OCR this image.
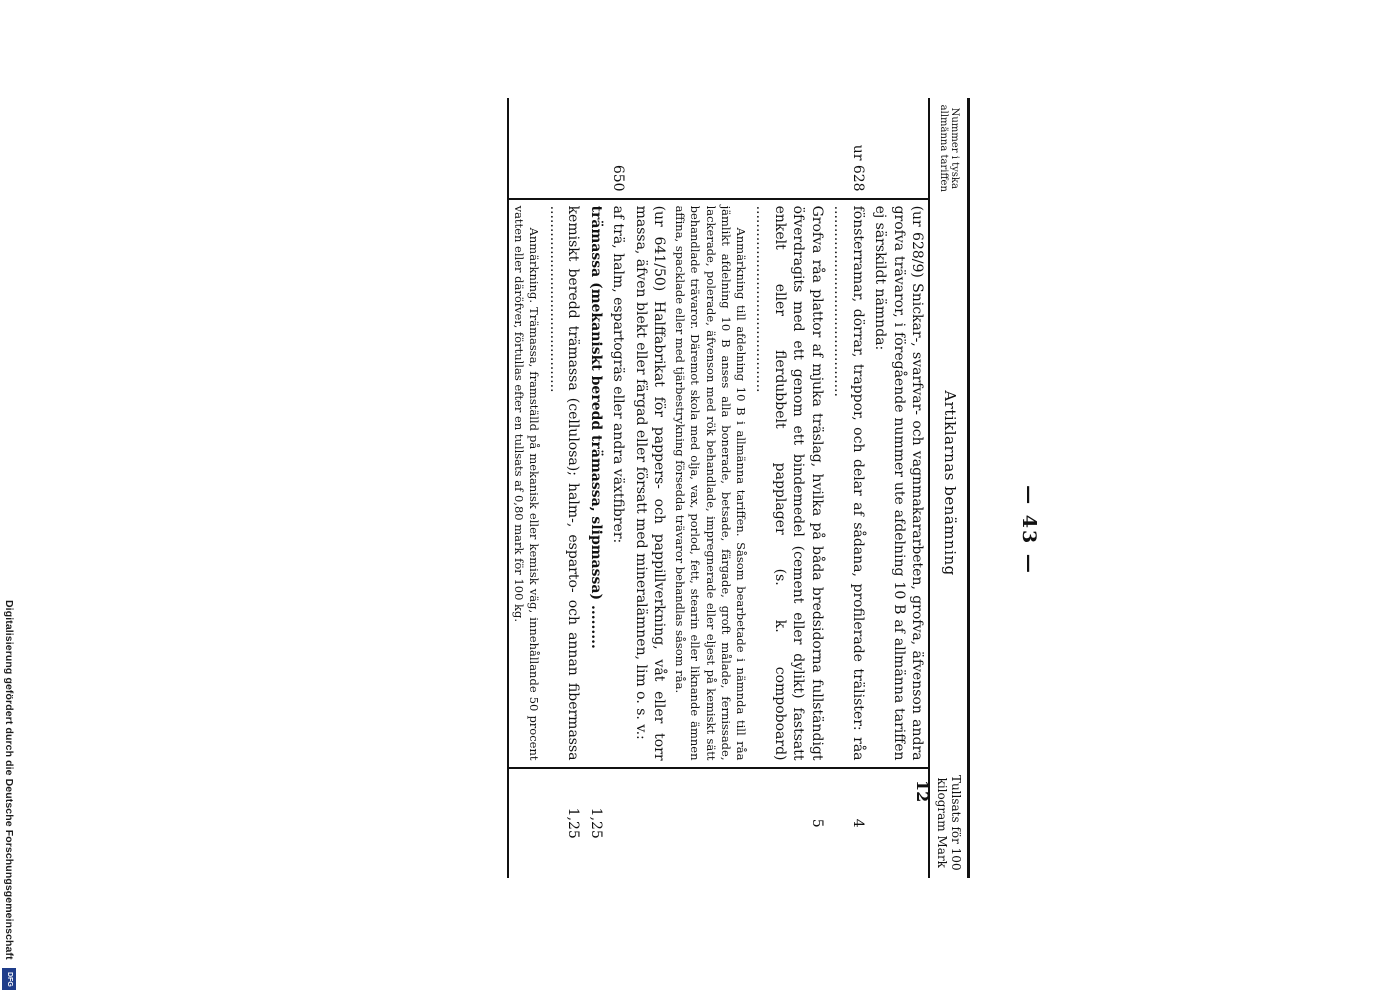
Digitalisierung gefördert durch die Deutsche Forschungsgemeinschaft
DFG
— 43 —
12
Nummer i tyska allmänna tariffen	Artiklarnas benämning	Tullsats för 100 kilogram Mark
	(ur 628/9) Snickar-, svarfvar- och vagnmakararbeten, grofva, äfvenson andra grofva trävaror, i föregående nummer ute afdelning 10 B af allmänna tariffen ej särskildt nämnda:	
ur 628	fönsterramar, dörrar, trappor, och delar af sådana, profilerade trälister: råa ...........................................	4
	Grofva råa plattor af mjuka träslag, hvilka på båda bredsidorna fullständigt öfverdragits med ett genom ett bindemedel (cement eller dylikt) fastsatt enkelt eller flerdubbelt papplager (s. k. compoboard) ..........................................	5
	Anmärkning till afdelning 10 B i allmänna tariffen. Såsom bearbetade i nämnda till råa jämlikt afdelning 10 B anses alla bonerade, betsade, färgade, groft målade, fernissade, lackerade, polerade, äfvenson med rök behandlade, impregnerade eller eljest på kemiskt sätt behandlade trävaror. Däremot skola med olja, vax, porlod, fett, stearin eller liknande ämnen affina, spacklade eller med tjärbestrykning försedda trävaror behandlas såsom råa.	
	(ur 641/50) Halffabrikat för pappers- och pappillverkning, våt eller torr massa, äfven blekt eller färgad eller försatt med mineralämnen, lim o. s. v.:	
650	af trä, halm, espartogräs eller andra växtfibrer:	
	trämassa (mekaniskt beredd trämassa, slipmassa) .........	1,25
	kemiskt beredd trämassa (cellulosa); halm-, esparto- och annan fibermassa ..........................................	1,25
	Anmärkning. Trämassa, framställd på mekanisk eller kemisk väg, innehållande 50 procent vatten eller däröfver, förtullas efter en tullsats af 0,80 mark för 100 kg.	
